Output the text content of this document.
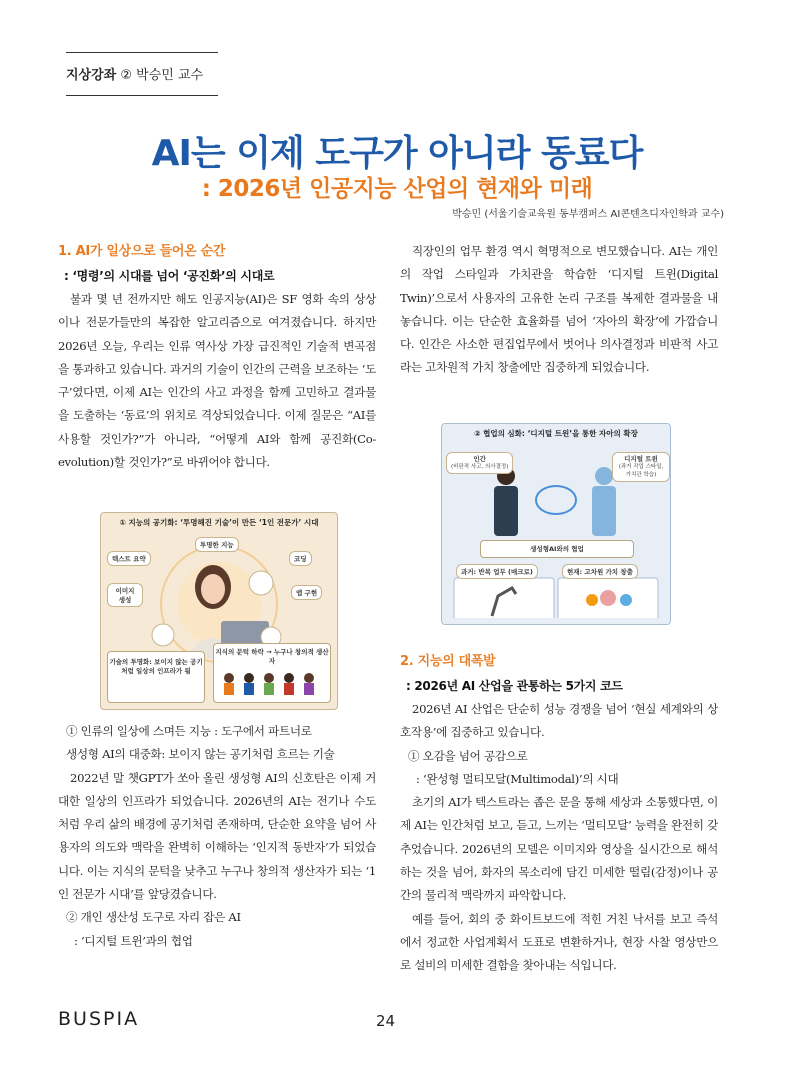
지상강좌 ② 박승민 교수
AI는 이제 도구가 아니라 동료다
: 2026년 인공지능 산업의 현재와 미래
박승민 (서울기술교육원 동부캠퍼스 AI콘텐츠디자인학과 교수)
1. AI가 일상으로 들어온 순간
: ‘명령’의 시대를 넘어 ‘공진화’의 시대로

불과 몇 년 전까지만 해도 인공지능(AI)은 SF 영화 속의 상상이나 전문가들만의 복잡한 알고리즘으로 여겨졌습니다. 하지만 2026년 오늘, 우리는 인류 역사상 가장 급진적인 기술적 변곡점을 통과하고 있습니다. 과거의 기술이 인간의 근력을 보조하는 ‘도구’였다면, 이제 AI는 인간의 사고 과정을 함께 고민하고 결과물을 도출하는 ‘동료’의 위치로 격상되었습니다. 이제 질문은 “AI를 사용할 것인가?”가 아니라, “어떻게 AI와 함께 공진화(Co-evolution)할 것인가?”로 바뀌어야 합니다.

① 지능의 공기화: ‘투명해진 기술’이 만든 ‘1인 전문가’ 시대
투명한 지능
텍스트 요약	코딩
이미지 생성
앱 구현
기술의 투명화: 보이지 않는 공기처럼 일상의 인프라가 됨
지식의 문턱 하락 → 누구나 창의적 생산자

① 인류의 일상에 스며든 지능 : 도구에서 파트너로

생성형 AI의 대중화: 보이지 않는 공기처럼 흐르는 기술

2022년 말 챗GPT가 쏘아 올린 생성형 AI의 신호탄은 이제 거대한 일상의 인프라가 되었습니다. 2026년의 AI는 전기나 수도처럼 우리 삶의 배경에 공기처럼 존재하며, 단순한 요약을 넘어 사용자의 의도와 맥락을 완벽히 이해하는 ‘인지적 동반자’가 되었습니다. 이는 지식의 문턱을 낮추고 누구나 창의적 생산자가 되는 ‘1인 전문가 시대’를 앞당겼습니다.

② 개인 생산성 도구로 자리 잡은 AI

: ‘디지털 트윈’과의 협업

직장인의 업무 환경 역시 혁명적으로 변모했습니다. AI는 개인의 작업 스타일과 가치관을 학습한 ‘디지털 트윈(Digital Twin)’으로서 사용자의 고유한 논리 구조를 복제한 결과물을 내놓습니다. 이는 단순한 효율화를 넘어 ‘자아의 확장’에 가깝습니다. 인간은 사소한 편집업무에서 벗어나 의사결정과 비판적 사고라는 고차원적 가치 창출에만 집중하게 되었습니다.

② 협업의 심화: ‘디지털 트윈’을 통한 자아의 확장
인간
(비판적 사고, 의사결정)
디지털 트윈
(과거 작업 스타일, 가치관 학습)
생성형AI와의 협업
과거: 반복 업무 (매크로)	현재: 고차원 가치 창출
2. 지능의 대폭발
: 2026년 AI 산업을 관통하는 5가지 코드

2026년 AI 산업은 단순히 성능 경쟁을 넘어 ‘현실 세계와의 상호작용’에 집중하고 있습니다.

① 오감을 넘어 공감으로

: ‘완성형 멀티모달(Multimodal)’의 시대

초기의 AI가 텍스트라는 좁은 문을 통해 세상과 소통했다면, 이제 AI는 인간처럼 보고, 듣고, 느끼는 ‘멀티모달’ 능력을 완전히 갖추었습니다. 2026년의 모델은 이미지와 영상을 실시간으로 해석하는 것을 넘어, 화자의 목소리에 담긴 미세한 떨림(감정)이나 공간의 물리적 맥락까지 파악합니다.

예를 들어, 회의 중 화이트보드에 적힌 거친 낙서를 보고 즉석에서 정교한 사업계획서 도표로 변환하거나, 현장 사찰 영상만으로 설비의 미세한 결함을 찾아내는 식입니다.

BUSPIA	24
